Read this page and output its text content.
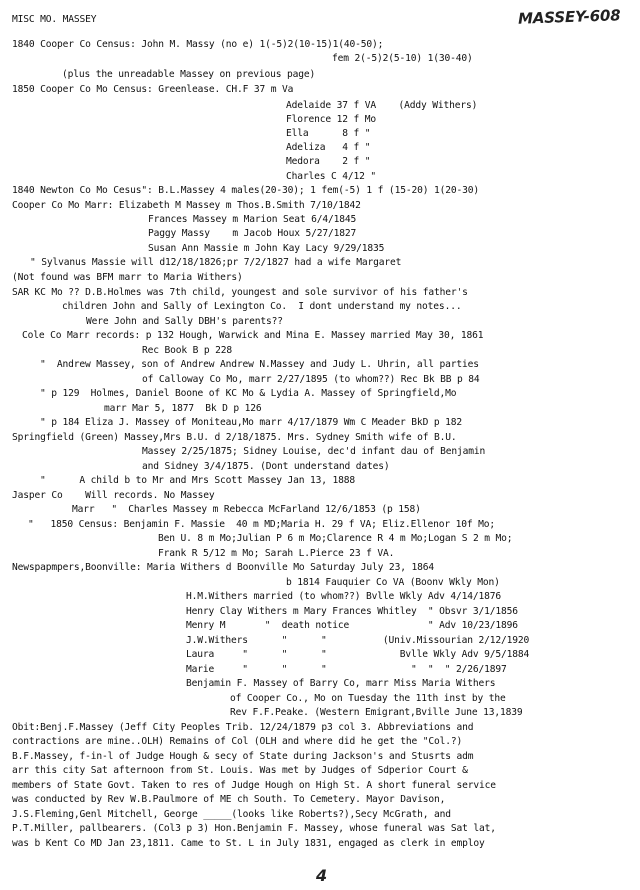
MISC MO. MASSEY	MASSEY-608
1840 Cooper Co Census: John M. Massy (no e) 1(-5)2(10-15)1(40-50);
fem 2(-5)2(5-10) 1(30-40)
(plus the unreadable Massey on previous page)
1850 Cooper Co Mo Census: Greenlease. CH.F 37 m Va
Adelaide 37 f VA    (Addy Withers)
Florence 12 f Mo
Ella      8 f "
Adeliza   4 f "
Medora    2 f "
Charles C 4/12 "
1840 Newton Co Mo Cesus": B.L.Massey 4 males(20-30); 1 fem(-5) 1 f (15-20) 1(20-30)
Cooper Co Mo Marr: Elizabeth M Massey m Thos.B.Smith 7/10/1842
Frances Massey m Marion Seat 6/4/1845
Paggy Massy    m Jacob Houx 5/27/1827
Susan Ann Massie m John Kay Lacy 9/29/1835
" Sylvanus Massie will d12/18/1826;pr 7/2/1827 had a wife Margaret
(Not found was BFM marr to Maria Withers)
SAR KC Mo ?? D.B.Holmes was 7th child, youngest and sole survivor of his father's
children John and Sally of Lexington Co.  I dont understand my notes...
Were John and Sally DBH's parents??
Cole Co Marr records: p 132 Hough, Warwick and Mina E. Massey married May 30, 1861
Rec Book B p 228
"  Andrew Massey, son of Andrew Andrew N.Massey and Judy L. Uhrin, all parties
of Calloway Co Mo, marr 2/27/1895 (to whom??) Rec Bk BB p 84
" p 129  Holmes, Daniel Boone of KC Mo & Lydia A. Massey of Springfield,Mo
marr Mar 5, 1877  Bk D p 126
" p 184 Eliza J. Massey of Moniteau,Mo marr 4/17/1879 Wm C Meader BkD p 182
Springfield (Green) Massey,Mrs B.U. d 2/18/1875. Mrs. Sydney Smith wife of B.U.
Massey 2/25/1875; Sidney Louise, dec'd infant dau of Benjamin
and Sidney 3/4/1875. (Dont understand dates)
"      A child b to Mr and Mrs Scott Massey Jan 13, 1888
Jasper Co    Will records. No Massey
Marr   "  Charles Massey m Rebecca McFarland 12/6/1853 (p 158)
"   1850 Census: Benjamin F. Massie  40 m MD;Maria H. 29 f VA; Eliz.Ellenor 10f Mo;
Ben U. 8 m Mo;Julian P 6 m Mo;Clarence R 4 m Mo;Logan S 2 m Mo;
Frank R 5/12 m Mo; Sarah L.Pierce 23 f VA.
Newspapmpers,Boonville: Maria Withers d Boonville Mo Saturday July 23, 1864
b 1814 Fauquier Co VA (Boonv Wkly Mon)
H.M.Withers married (to whom??) Bvlle Wkly Adv 4/14/1876
Henry Clay Withers m Mary Frances Whitley  " Obsvr 3/1/1856
Menry M       "  death notice              " Adv 10/23/1896
J.W.Withers      "      "          (Univ.Missourian 2/12/1920
Laura     "      "      "             Bvlle Wkly Adv 9/5/1884
Marie     "      "      "               "  "  " 2/26/1897
Benjamin F. Massey of Barry Co, marr Miss Maria Withers
of Cooper Co., Mo on Tuesday the 11th inst by the
Rev F.F.Peake. (Western Emigrant,Bville June 13,1839
Obit:Benj.F.Massey (Jeff City Peoples Trib. 12/24/1879 p3 col 3. Abbreviations and
contractions are mine..OLH) Remains of Col (OLH and where did he get the "Col.?)
B.F.Massey, f-in-l of Judge Hough & secy of State during Jackson's and Stusrts adm
arr this city Sat afternoon from St. Louis. Was met by Judges of Sdperior Court &
members of State Govt. Taken to res of Judge Hough on High St. A short funeral service
was conducted by Rev W.B.Paulmore of ME ch South. To Cemetery. Mayor Davison,
J.S.Fleming,Genl Mitchell, George _____(looks like Roberts?),Secy McGrath, and
P.T.Miller, pallbearers. (Col3 p 3) Hon.Benjamin F. Massey, whose funeral was Sat lat,
was b Kent Co MD Jan 23,1811. Came to St. L in July 1831, engaged as clerk in employ
4
